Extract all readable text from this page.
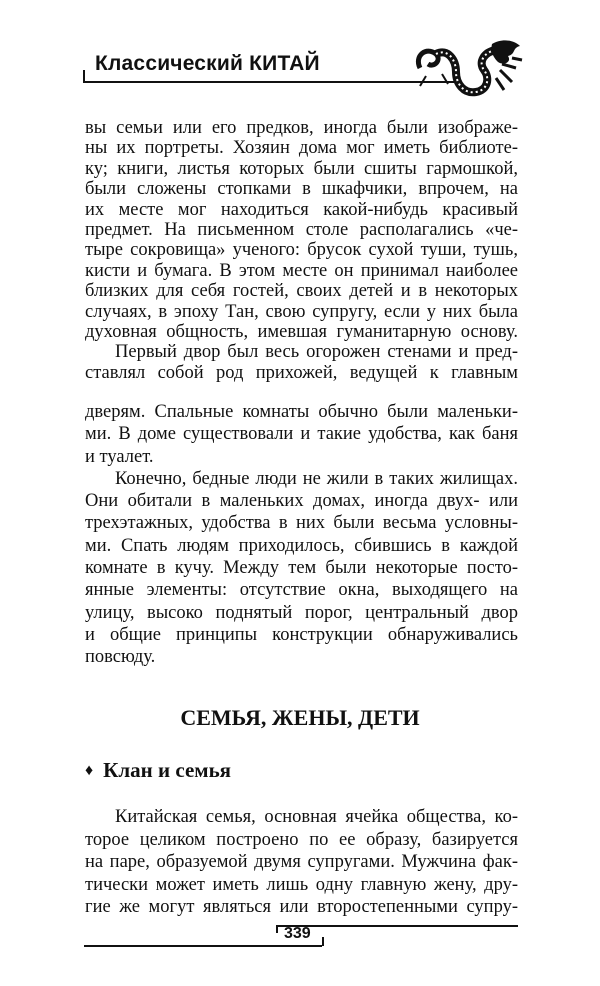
Классический КИТАЙ
вы семьи или его предков, иногда были изображе-
ны их портреты. Хозяин дома мог иметь библиоте-
ку; книги, листья которых были сшиты гармошкой,
были сложены стопками в шкафчики, впрочем, на
их месте мог находиться какой-нибудь красивый
предмет. На письменном столе располагались «че-
тыре сокровища» ученого: брусок сухой туши, тушь,
кисти и бумага. В этом месте он принимал наиболее
близких для себя гостей, своих детей и в некоторых
случаях, в эпоху Тан, свою супругу, если у них была
духовная общность, имевшая гуманитарную основу.
Первый двор был весь огорожен стенами и пред-
ставлял собой род прихожей, ведущей к главным
дверям. Спальные комнаты обычно были маленьки-
ми. В доме существовали и такие удобства, как баня
и туалет.
Конечно, бедные люди не жили в таких жилищах.
Они обитали в маленьких домах, иногда двух- или
трехэтажных, удобства в них были весьма условны-
ми. Спать людям приходилось, сбившись в каждой
комнате в кучу. Между тем были некоторые посто-
янные элементы: отсутствие окна, выходящего на
улицу, высоко поднятый порог, центральный двор
и общие принципы конструкции обнаруживались
повсюду.
СЕМЬЯ, ЖЕНЫ, ДЕТИ
♦ Клан и семья
Китайская семья, основная ячейка общества, ко-
торое целиком построено по ее образу, базируется
на паре, образуемой двумя супругами. Мужчина фак-
тически может иметь лишь одну главную жену, дру-
гие же могут являться или второстепенными супру-
339
